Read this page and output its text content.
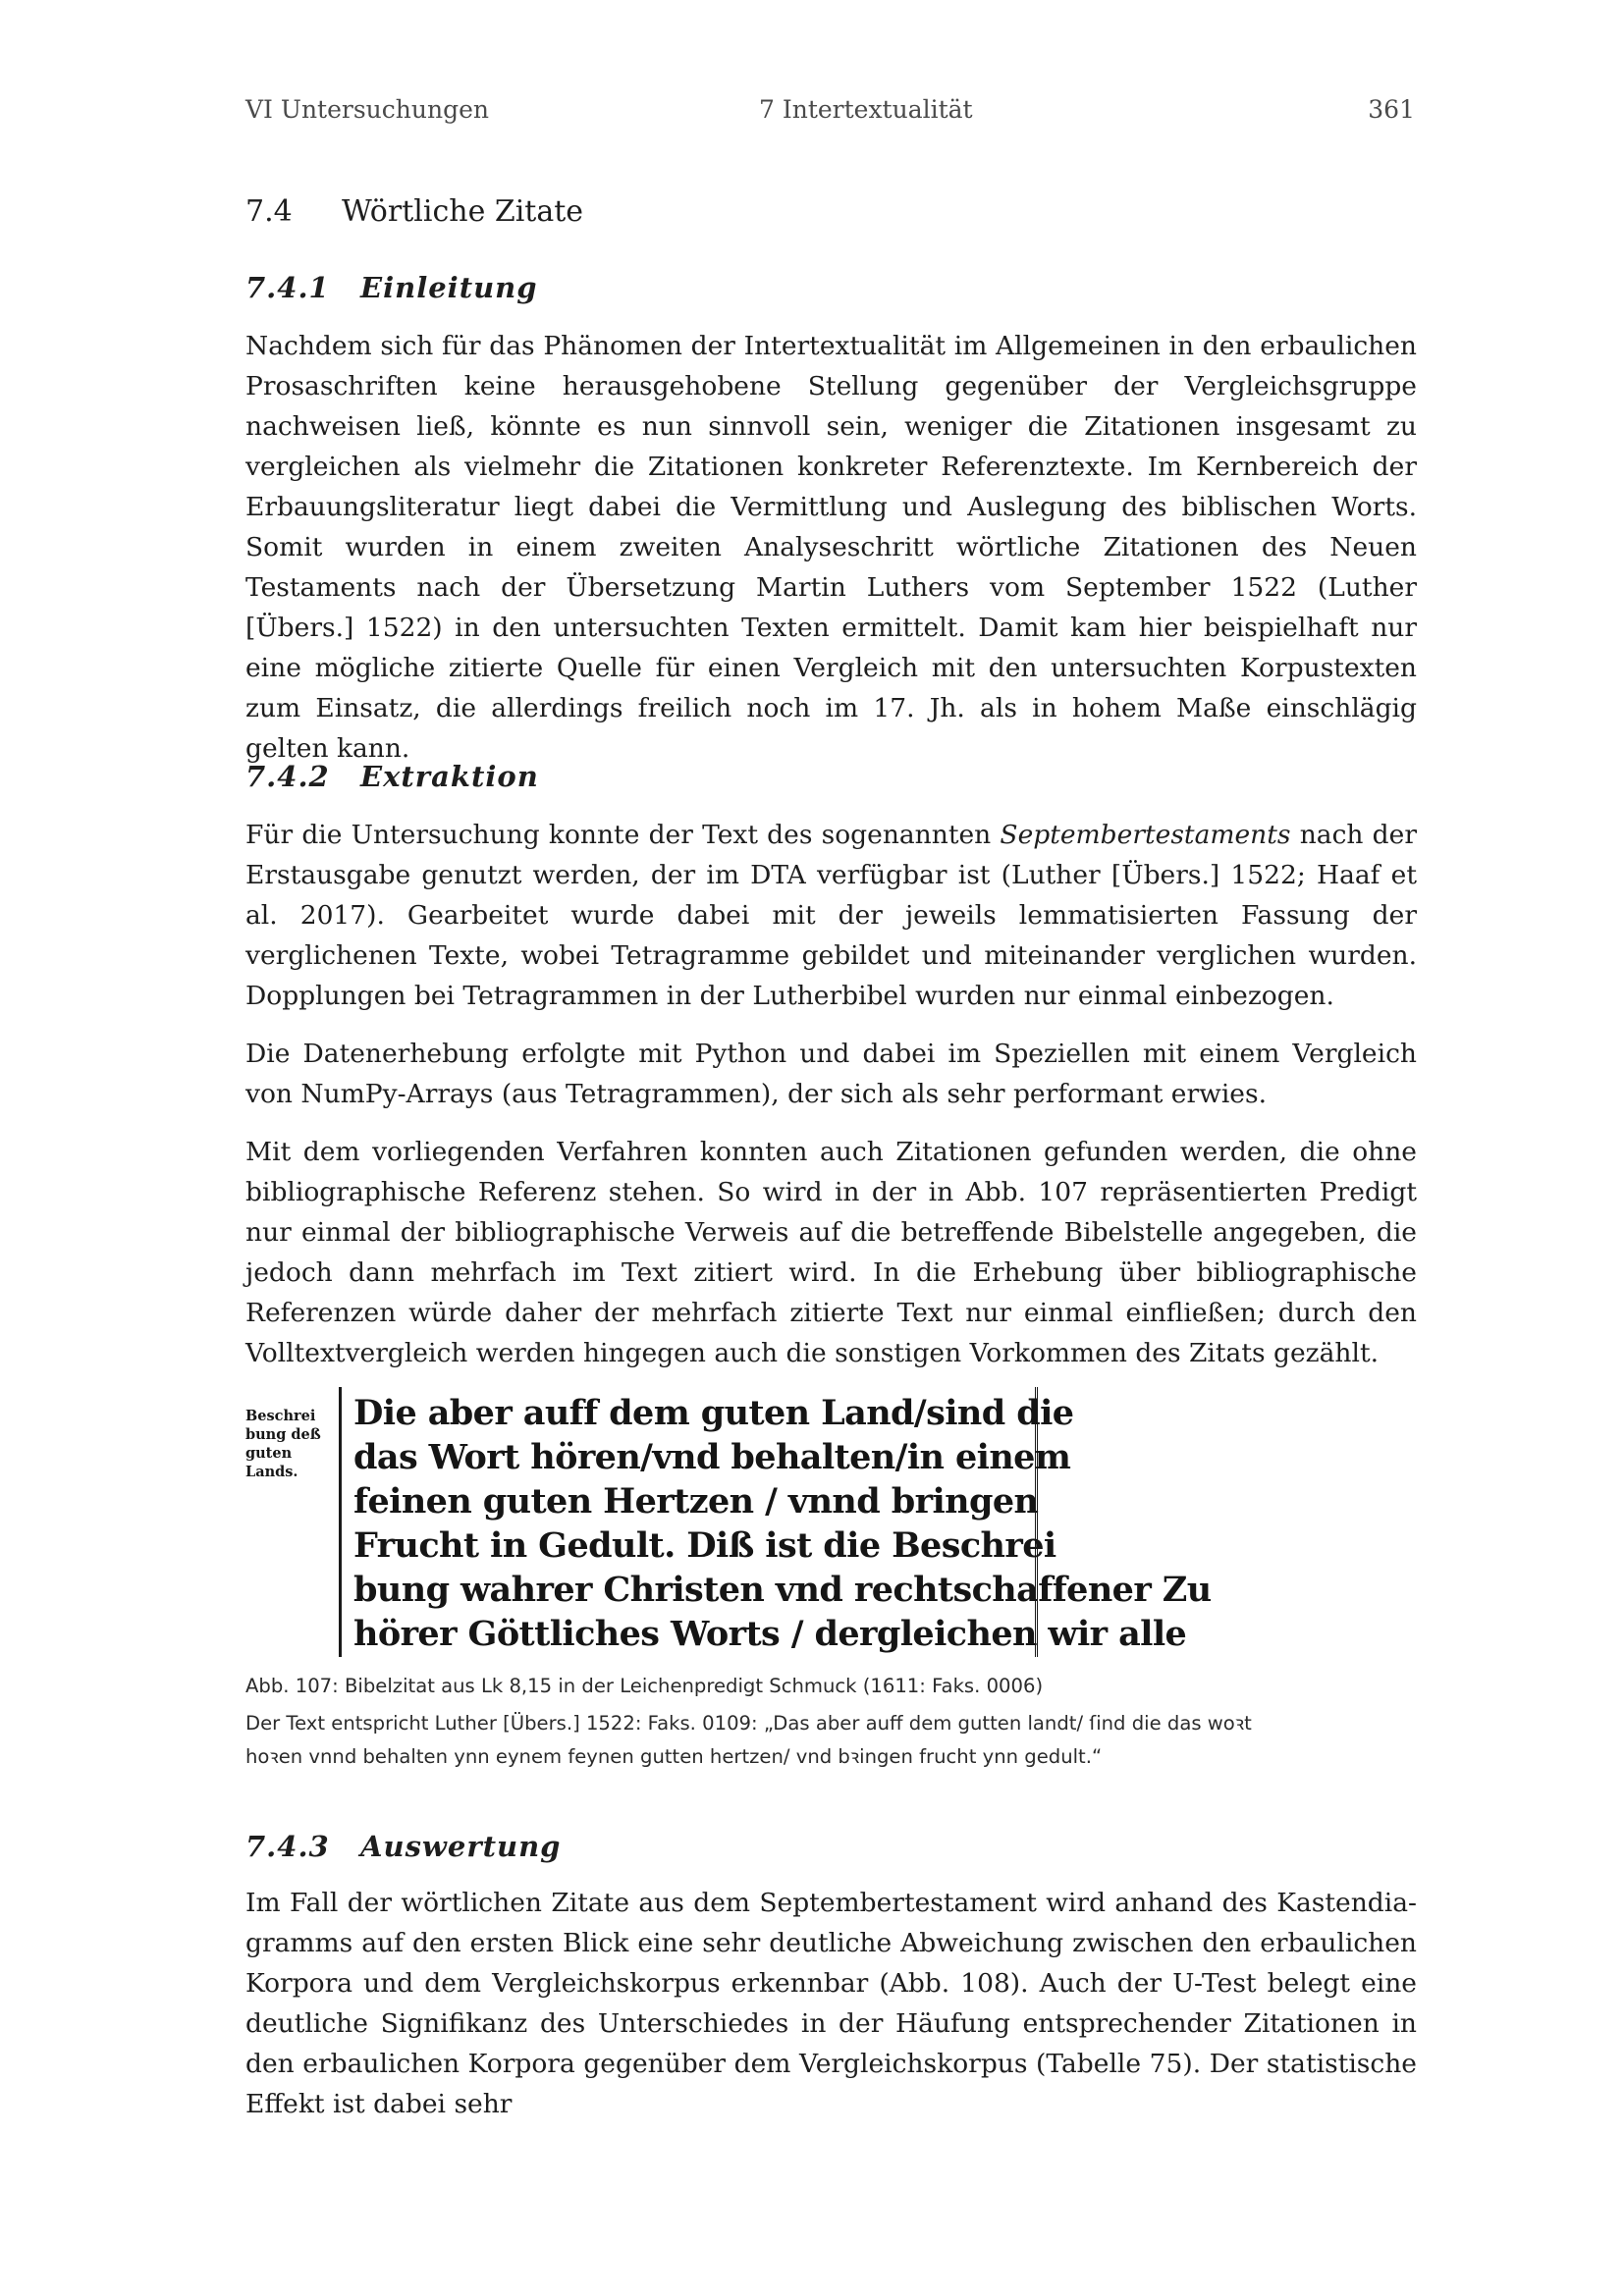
VI Untersuchungen	7 Intertextualität	361
7.4 Wörtliche Zitate
7.4.1 Einleitung

Nachdem sich für das Phänomen der Intertextualität im Allgemeinen in den erbaulichen Prosaschriften keine herausgehobene Stellung gegenüber der Vergleichsgruppe nachweisen ließ, könnte es nun sinnvoll sein, weniger die Zitationen insgesamt zu vergleichen als vielmehr die Zitationen konkreter Referenztexte. Im Kernbereich der Erbauungsliteratur liegt dabei die Vermittlung und Auslegung des biblischen Worts. Somit wurden in einem zweiten Analyseschritt wörtliche Zitationen des Neuen Testaments nach der Übersetzung Martin Luthers vom September 1522 (Luther [Übers.] 1522) in den untersuchten Texten ermittelt. Damit kam hier beispielhaft nur eine mögliche zitierte Quelle für einen Vergleich mit den untersuchten Korpustexten zum Einsatz, die allerdings freilich noch im 17. Jh. als in hohem Maße einschlägig gelten kann.

7.4.2 Extraktion

Für die Untersuchung konnte der Text des sogenannten Septembertestaments nach der Erstausgabe genutzt werden, der im DTA verfügbar ist (Luther [Übers.] 1522; Haaf et al. 2017). Gearbeitet wurde dabei mit der jeweils lemmatisierten Fassung der verglichenen Texte, wobei Tetragramme gebildet und miteinander verglichen wurden. Dopplungen bei Tetragrammen in der Lutherbibel wurden nur einmal einbezogen.

Die Datenerhebung erfolgte mit Python und dabei im Speziellen mit einem Vergleich von NumPy-Arrays (aus Tetragrammen), der sich als sehr performant erwies.

Mit dem vorliegenden Verfahren konnten auch Zitationen gefunden werden, die ohne bibliographische Referenz stehen. So wird in der in Abb. 107 repräsentierten Predigt nur einmal der bibliographische Verweis auf die betreffende Bibelstelle angegeben, die jedoch dann mehrfach im Text zitiert wird. In die Erhebung über bibliographische Referenzen würde daher der mehrfach zitierte Text nur einmal einfließen; durch den Volltextvergleich werden hingegen auch die sonstigen Vorkommen des Zitats gezählt.

Beschrei
bung deß
guten
Lands.
Die aber auff dem guten Land/sind die
das Wort hören/vnd behalten/in einem
feinen guten Hertzen / vnnd bringen
Frucht in Gedult. Diß ist die Beschrei
bung wahrer Christen vnd rechtschaffener Zu
hörer Göttliches Worts / dergleichen wir alle
Abb. 107: Bibelzitat aus Lk 8,15 in der Leichenpredigt Schmuck (1611: Faks. 0006)
Der Text entspricht Luther [Übers.] 1522: Faks. 0109: „Das aber auff dem gutten landt/ ſind die das woꝛt
hoꝛen vnnd behalten ynn eynem feynen gutten hertzen/ vnd bꝛingen frucht ynn gedult.“
7.4.3 Auswertung

Im Fall der wörtlichen Zitate aus dem Septembertestament wird anhand des Kastendiagramms auf den ersten Blick eine sehr deutliche Abweichung zwischen den erbaulichen Korpora und dem Vergleichskorpus erkennbar (Abb. 108). Auch der U-Test belegt eine deutliche Signifikanz des Unterschiedes in der Häufung entsprechender Zitationen in den erbaulichen Korpora gegenüber dem Vergleichskorpus (Tabelle 75). Der statistische Effekt ist dabei sehr
